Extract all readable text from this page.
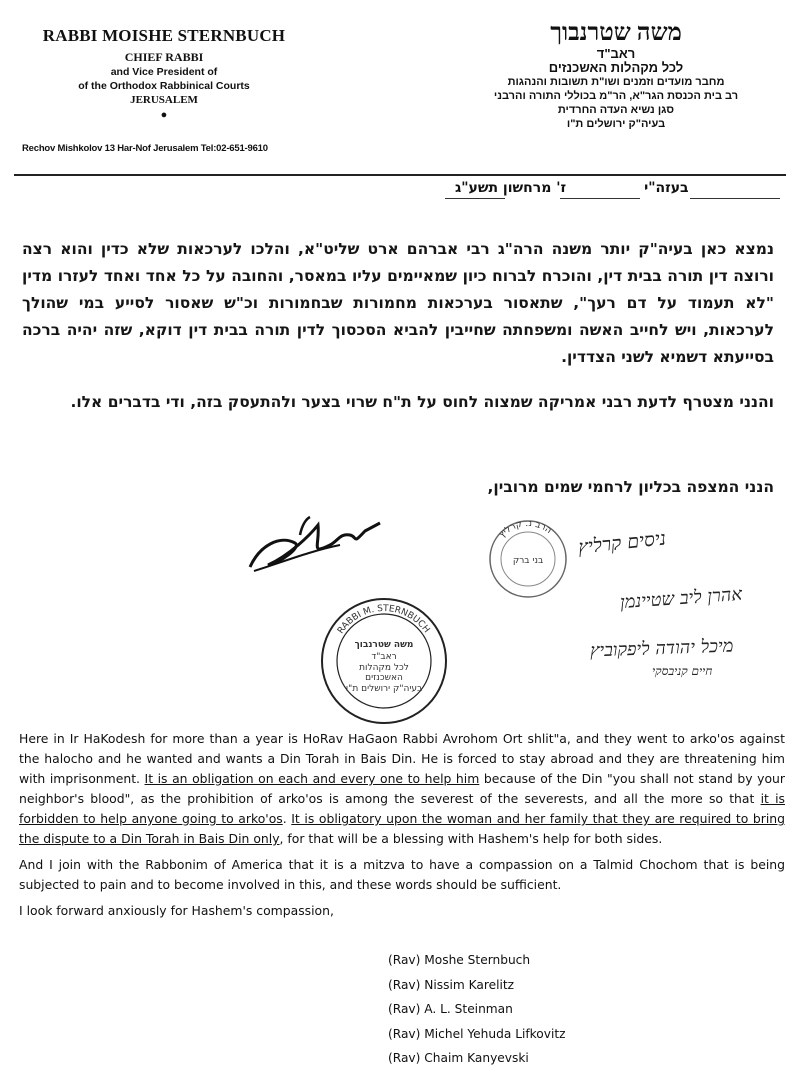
RABBI MOISHE STERNBUCH
CHIEF RABBI
and Vice President of
of the Orthodox Rabbinical Courts
JERUSALEM
●
Rechov Mishkolov 13 Har-Nof Jerusalem Tel:02-651-9610
משה שטרנבוך
ראב"ד
לכל מקהלות האשכנזים
מחבר מועדים וזמנים ושו"ת תשובות והנהגות
רב בית הכנסת הגר"א, הר"מ בכוללי התורה והרבני
סגן נשיא העדה החרדית
בעיה"ק ירושלים ת"ו
בעזה"י                ז' מרחשון תשע"ג
נמצא כאן בעיה"ק יותר משנה הרה"ג רבי אברהם ארט שליט"א, והלכו לערכאות שלא כדין והוא רצה ורוצה דין תורה בבית דין, והוכרח לברוח כיון שמאיימים עליו במאסר, והחובה על כל אחד ואחד לעזרו מדין "לא תעמוד על דם רעך", שתאסור בערכאות מחמורות שבחמורות וכ"ש שאסור לסייע במי שהולך לערכאות, ויש לחייב האשה ומשפחתה שחייבין להביא הסכסוך לדין תורה בבית דין דוקא, שזה יהיה ברכה בסייעתא דשמיא לשני הצדדין.
והנני מצטרף לדעת רבני אמריקה שמצוה לחוס על ת"ח שרוי בצער ולהתעסק בזה, ודי בדברים אלו.
הנני המצפה בכליון לרחמי שמים מרובין,
RABBI M. STERNBUCH
משה שטרנבוך
ראב"ד
לכל מקהלות
האשכנזים
בעיה"ק ירושלים ת"ו
הרב נ. קרליץ
בני ברק
ניסים קרליץ
אהרן ליב שטיינמן
מיכל יהודה ליפקוביץ
חיים קניבסקי

Here in Ir HaKodesh for more than a year is HoRav HaGaon Rabbi Avrohom Ort shlit"a, and they went to arko'os against the halocho and he wanted and wants a Din Torah in Bais Din. He is forced to stay abroad and they are threatening him with imprisonment. It is an obligation on each and every one to help him because of the Din "you shall not stand by your neighbor's blood", as the prohibition of arko'os is among the severest of the severests, and all the more so that it is forbidden to help anyone going to arko'os. It is obligatory upon the woman and her family that they are required to bring the dispute to a Din Torah in Bais Din only, for that will be a blessing with Hashem's help for both sides.

And I join with the Rabbonim of America that it is a mitzva to have a compassion on a Talmid Chochom that is being subjected to pain and to become involved in this, and these words should be sufficient.

I look forward anxiously for Hashem's compassion,

(Rav) Moshe Sternbuch
(Rav) Nissim Karelitz
(Rav) A. L. Steinman
(Rav) Michel Yehuda Lifkovitz
(Rav) Chaim Kanyevski
